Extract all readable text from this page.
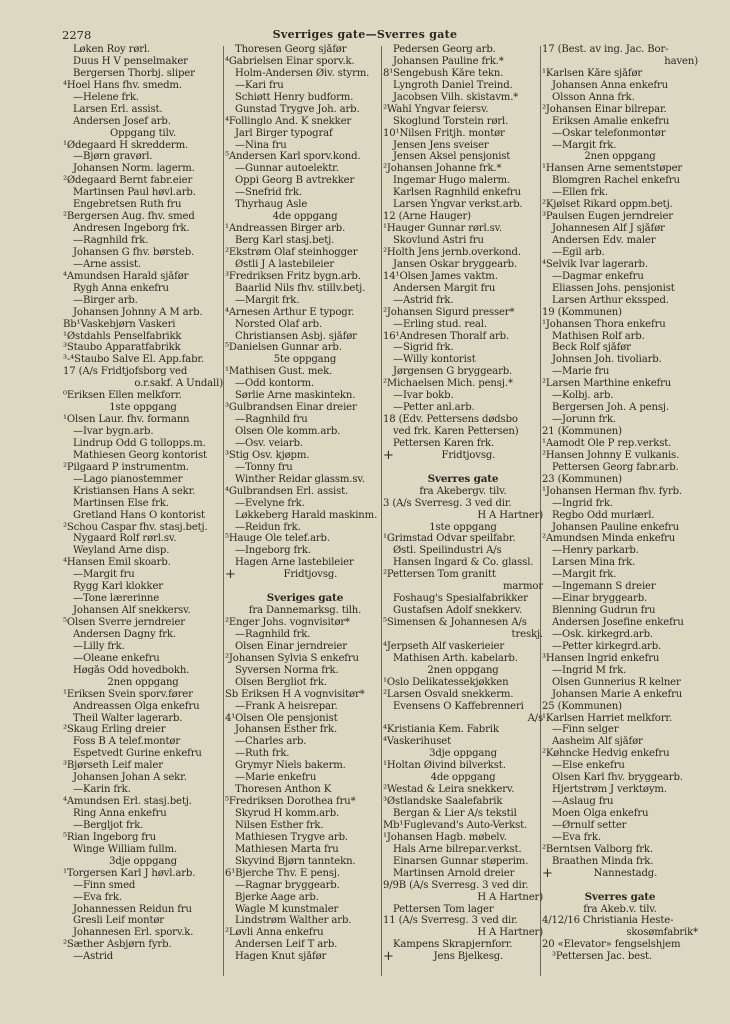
2278	Sverriges gate—Sverres gate
Løken Roy rørl.
Duus H V penselmaker
Bergersen Thorbj. sliper
⁴Hoel Hans fhv. smedm.
—Helene frk.
Larsen Erl. assist.
Andersen Josef arb.
Oppgang tilv.
¹Ødegaard H skredderm.
—Bjørn gravørl.
Johansen Norm. lagerm.
²Ødegaard Bernt fabr.eier
Martinsen Paul høvl.arb.
Engebretsen Ruth fru
²Bergersen Aug. fhv. smed
Andresen Ingeborg frk.
—Ragnhild frk.
Johansen G fhv. børsteb.
—Arne assist.
⁴Amundsen Harald sjåfør
Rygh Anna enkefru
—Birger arb.
Johansen Johnny A M arb.
Bb¹Vaskebjørn Vaskeri
¹Østdahls Penselfabrikk
³Staubo Apparatfabrikk
³-⁴Staubo Salve El. App.fabr.
17 (A/s Fridtjofsborg ved
o.r.sakf. A Undall)
⁰Eriksen Ellen melkforr.
1ste oppgang
¹Olsen Laur. fhv. formann
—Ivar bygn.arb.
Lindrup Odd G tollopps.m.
Mathiesen Georg kontorist
²Pilgaard P instrumentm.
—Lago pianostemmer
Kristiansen Hans A sekr.
Martinsen Else frk.
Gretland Hans O kontorist
²Schou Caspar fhv. stasj.betj.
Nygaard Rolf rørl.sv.
Weyland Arne disp.
⁴Hansen Emil skoarb.
—Margit fru
Rygg Karl klokker
—Tone lærerinne
Johansen Alf snekkersv.
⁵Olsen Sverre jerndreier
Andersen Dagny frk.
—Lilly frk.
—Oleane enkefru
Høgås Odd hovedbokh.
2nen oppgang
¹Eriksen Svein sporv.fører
Andreassen Olga enkefru
Theil Walter lagerarb.
²Skaug Erling dreier
Foss B A telef.montør
Espetvedt Gurine enkefru
³Bjørseth Leif maler
Johansen Johan A sekr.
—Karin frk.
⁴Amundsen Erl. stasj.betj.
Ring Anna enkefru
—Bergljot frk.
⁵Rian Ingeborg fru
Winge William fullm.
3dje oppgang
¹Torgersen Karl J høvl.arb.
—Finn smed
—Eva frk.
Johannessen Reidun fru
Gresli Leif montør
Johannesen Erl. sporv.k.
²Sæther Asbjørn fyrb.
—Astrid
Thoresen Georg sjåfør
⁴Gabrielsen Einar sporv.k.
Holm-Andersen Øiv. styrm.
—Kari fru
Schiøtt Henry budform.
Gunstad Trygve Joh. arb.
⁴Follinglo And. K snekker
Jarl Birger typograf
—Nina fru
⁵Andersen Karl sporv.kond.
—Gunnar autoelektr.
Oppi Georg B avtrekker
—Snefrid frk.
Thyrhaug Asle
4de oppgang
¹Andreassen Birger arb.
Berg Karl stasj.betj.
²Ekstrøm Olaf steinhogger
Østli J A lastebileier
³Fredriksen Fritz bygn.arb.
Baarlid Nils fhv. stillv.betj.
—Margit frk.
⁴Arnesen Arthur E typogr.
Norsted Olaf arb.
Christiansen Asbj. sjåfør
⁵Danielsen Gunnar arb.
5te oppgang
¹Mathisen Gust. mek.
—Odd kontorm.
Sørlie Arne maskintekn.
³Gulbrandsen Einar dreier
—Ragnhild fru
Olsen Ole komm.arb.
—Osv. veiarb.
³Stig Osv. kjøpm.
—Tonny fru
Winther Reidar glassm.sv.
⁴Gulbrandsen Erl. assist.
—Evelyne frk.
Løkkeberg Harald maskinm.
—Reidun frk.
⁵Hauge Ole telef.arb.
—Ingeborg frk.
Hagen Arne lastebileier
+	Fridtjovsg.
Sveriges gate
fra Dannemarksg. tilh.
²Enger Johs. vognvisitør*
—Ragnhild frk.
Olsen Einar jerndreier
²Johansen Sylvia S enkefru
Syversen Norma frk.
Olsen Bergliot frk.
Sb Eriksen H A vognvisitør*
—Frank A heisrepar.
4¹Olsen Ole pensjonist
Johansen Esther frk.
—Charles arb.
—Ruth frk.
Grymyr Niels bakerm.
—Marie enkefru
Thoresen Anthon K
⁵Fredriksen Dorothea fru*
Skyrud H komm.arb.
Nilsen Esther frk.
Mathiesen Trygve arb.
Mathiesen Marta fru
Skyvind Bjørn tanntekn.
6¹Bjerche Thv. E pensj.
—Ragnar bryggearb.
Bjerke Aage arb.
Wagle M kunstmaler
Lindstrøm Walther arb.
²Løvli Anna enkefru
Andersen Leif T arb.
Hagen Knut sjåfør
Pedersen Georg arb.
Johansen Pauline frk.*
8¹Sengebush Kåre tekn.
Lyngroth Daniel Treind.
Jacobsen Vilh. skistavm.*
²Wahl Yngvar feiersv.
Skoglund Torstein rørl.
10¹Nilsen Fritjh. montør
Jensen Jens sveiser
Jensen Aksel pensjonist
²Johansen Johanne frk.*
Ingemar Hugo malerm.
Karlsen Ragnhild enkefru
Larsen Yngvar verkst.arb.
12 (Arne Hauger)
¹Hauger Gunnar rørl.sv.
Skovlund Astri fru
²Holth Jens jernb.overkond.
Jansen Oskar bryggearb.
14¹Olsen James vaktm.
Andersen Margit fru
—Astrid frk.
²Johansen Sigurd presser*
—Erling stud. real.
16¹Andresen Thoralf arb.
—Sigrid frk.
—Willy kontorist
Jørgensen G bryggearb.
²Michaelsen Mich. pensj.*
—Ivar bokb.
—Petter anl.arb.
18 (Edv. Pettersens dødsbo
ved frk. Karen Pettersen)
Pettersen Karen frk.
+	Fridtjovsg.
Sverres gate
fra Akebergv. tilv.
3 (A/s Sverresg. 3 ved dir.
H A Hartner)
1ste oppgang
¹Grimstad Odvar speilfabr.
Østl. Speilindustri A/s
Hansen Ingard & Co. glassl.
²Pettersen Tom granitt
marmor
Foshaug's Spesialfabrikker
Gustafsen Adolf snekkerv.
⁵Simensen & Johannesen A/s
treskj.
⁴Jerpseth Alf vaskerieier
Mathisen Arth. kabelarb.
2nen oppgang
¹Oslo Delikatessekjøkken
²Larsen Osvald snekkerm.
Evensens O Kaffebrenneri
A/s
⁴Kristiania Kem. Fabrik
⁴Vaskerihuset
3dje oppgang
¹Holtan Øivind bilverkst.
4de oppgang
²Westad & Leira snekkerv.
³Østlandske Saalefabrik
Bergan & Lier A/s tekstil
Mb¹Fuglevand's Auto-Verkst.
¹Johansen Hagb. møbelv.
Hals Arne bilrepar.verkst.
Einarsen Gunnar støperim.
Martinsen Arnold dreier
9/9B (A/s Sverresg. 3 ved dir.
H A Hartner)
Pettersen Tom lager
11 (A/s Sverresg. 3 ved dir.
H A Hartner)
Kampens Skrapjernforr.
+	Jens Bjelkesg.
17 (Best. av ing. Jac. Bor-
haven)
¹Karlsen Kåre sjåfør
Johansen Anna enkefru
Olsson Anna frk.
²Johansen Einar bilrepar.
Eriksen Amalie enkefru
—Oskar telefonmontør
—Margit frk.
2nen oppgang
¹Hansen Arne sementstøper
Blomgren Rachel enkefru
—Ellen frk.
²Kjølset Rikard oppm.betj.
³Paulsen Eugen jerndreier
Johannesen Alf J sjåfør
Andersen Edv. maler
—Egil arb.
⁴Selvik Ivar lagerarb.
—Dagmar enkefru
Eliassen Johs. pensjonist
Larsen Arthur ekssped.
19 (Kommunen)
¹Johansen Thora enkefru
Mathisen Rolf arb.
Beck Rolf sjåfør
Johnsen Joh. tivoliarb.
—Marie fru
²Larsen Marthine enkefru
—Kolbj. arb.
Bergersen Joh. A pensj.
—Jorunn frk.
21 (Kommunen)
¹Aamodt Ole P rep.verkst.
²Hansen Johnny E vulkanis.
Pettersen Georg fabr.arb.
23 (Kommunen)
¹Johansen Herman fhv. fyrb.
—Ingrid frk.
Regbo Odd murlærl.
Johansen Pauline enkefru
²Amundsen Minda enkefru
—Henry parkarb.
Larsen Mina frk.
—Margit frk.
—Ingemann S dreier
—Einar bryggearb.
Blenning Gudrun fru
Andersen Josefine enkefru
—Osk. kirkegrd.arb.
—Petter kirkegrd.arb.
³Hansen Ingrid enkefru
—Ingrid M frk.
Olsen Gunnerius R kelner
Johansen Marie A enkefru
25 (Kommunen)
¹Karlsen Harriet melkforr.
—Finn selger
Aasheim Alf sjåfør
²Køhncke Hedvig enkefru
—Else enkefru
Olsen Karl fhv. bryggearb.
Hjertstrøm J verktøym.
—Aslaug fru
Moen Olga enkefru
—Ørnulf setter
—Eva frk.
²Berntsen Valborg frk.
Braathen Minda frk.
+	Nannestadg.
Sverres gate
fra Akeb.v. tilv.
4/12/16 Christiania Heste-
skosømfabrik*
20 «Elevator» fengselshjem
³Pettersen Jac. best.
